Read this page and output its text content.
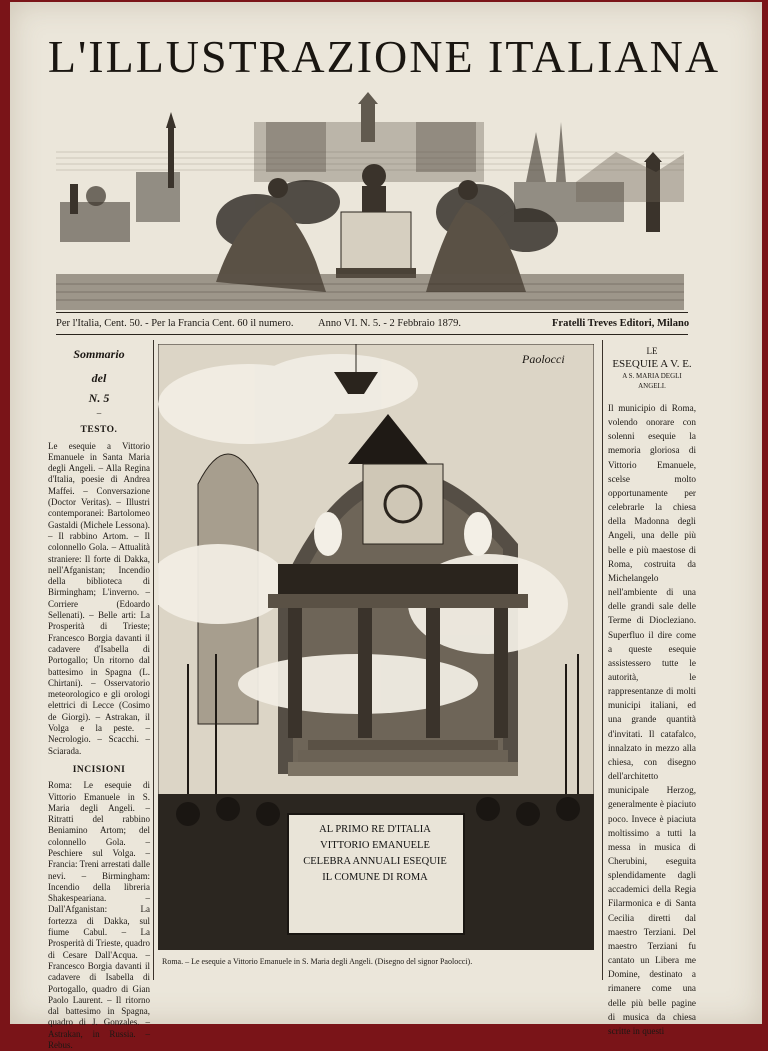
L'ILLUSTRAZIONE ITALIANA
Per l'Italia, Cent. 50. - Per la Francia Cent. 60 il numero. Anno VI. N. 5. - 2 Febbraio 1879.	Fratelli Treves Editori, Milano
Sommario
del
N. 5
–
TESTO.
Le esequie a Vittorio Emanuele in Santa Maria degli Angeli. – Alla Regina d'Italia, poesie di Andrea Maffei. – Conversazione (Doctor Veritas). – Illustri contemporanei: Bartolomeo Gastaldi (Michele Lessona). – Il rabbino Artom. – Il colonnello Gola. – Attualità straniere: Il forte di Dakka, nell'Afganistan; Incendio della biblioteca di Birmingham; L'inverno. – Corriere (Edoardo Sellenati). – Belle arti: La Prosperità di Trieste; Francesco Borgia davanti il cadavere d'Isabella di Portogallo; Un ritorno dal battesimo in Spagna (L. Chirtani). – Osservatorio meteorologico e gli orologi elettrici di Lecce (Cosimo de Giorgi). – Astrakan, il Volga e la peste. – Necrologio. – Scacchi. – Sciarada.
INCISIONI
Roma: Le esequie di Vittorio Emanuele in S. Maria degli Angeli. – Ritratti del rabbino Beniamino Artom; del colonnello Gola. – Peschiere sul Volga. – Francia: Treni arrestati dalle nevi. – Birmingham: Incendio della libreria Shakespeariana. – Dall'Afganistan: La fortezza di Dakka, sul fiume Cabul. – La Prosperità di Trieste, quadro di Cesare Dall'Acqua. – Francesco Borgia davanti il cadavere di Isabella di Portogallo, quadro di Gian Paolo Laurent. – Il ritorno dal battesimo in Spagna, quadro di J. Gonzales. – Astrakan, in Russia. – Rebus.
Paolocci
AL PRIMO RE D'ITALIA
VITTORIO EMANUELE
CELEBRA ANNUALI ESEQUIE
IL COMUNE DI ROMA
Roma. – Le esequie a Vittorio Emanuele in S. Maria degli Angeli. (Disegno del signor Paolocci).
LE
ESEQUIE A V. E.
A S. MARIA DEGLI ANGELI.
Il municipio di Roma, volendo onorare con solenni esequie la memoria gloriosa di Vittorio Emanuele, scelse molto opportunamente per celebrarle la chiesa della Madonna degli Angeli, una delle più belle e più maestose di Roma, costruita da Michelangelo nell'ambiente di una delle grandi sale delle Terme di Diocleziano. Superfluo il dire come a queste esequie assistessero tutte le autorità, le rappresentanze di molti municipi italiani, ed una grande quantità d'invitati. Il catafalco, innalzato in mezzo alla chiesa, con disegno dell'architetto municipale Herzog, generalmente è piaciuto poco. Invece è piaciuta moltissimo a tutti la messa in musica di Cherubini, eseguita splendidamente dagli accademici della Regia Filarmonica e di Santa Cecilia diretti dal maestro Terziani. Del maestro Terziani fu cantato un Libera me Domine, destinato a rimanere come una delle più belle pagine di musica da chiesa scritte in questi
